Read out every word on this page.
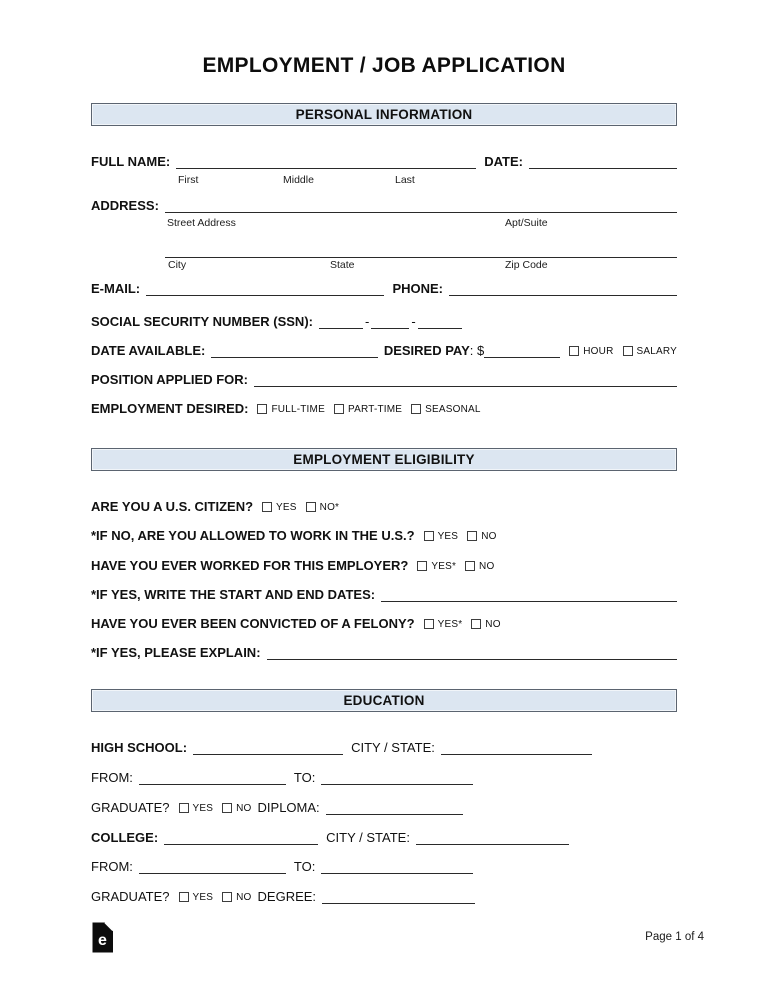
EMPLOYMENT / JOB APPLICATION
PERSONAL INFORMATION
FULL NAME:	DATE:
First	Middle	Last
ADDRESS:
Street Address	Apt/Suite
City	State	Zip Code
E-MAIL:	PHONE:
SOCIAL SECURITY NUMBER (SSN):	-	-
DATE AVAILABLE:	DESIRED PAY : $	HOUR SALARY
POSITION APPLIED FOR:
EMPLOYMENT DESIRED: FULL-TIME PART-TIME SEASONAL
EMPLOYMENT ELIGIBILITY
ARE YOU A U.S. CITIZEN? YES NO*
*IF NO, ARE YOU ALLOWED TO WORK IN THE U.S.? YES NO
HAVE YOU EVER WORKED FOR THIS EMPLOYER? YES* NO
*IF YES, WRITE THE START AND END DATES:
HAVE YOU EVER BEEN CONVICTED OF A FELONY? YES* NO
*IF YES, PLEASE EXPLAIN:
EDUCATION
HIGH SCHOOL:	CITY / STATE:
FROM:	TO:
GRADUATE? YES NO DIPLOMA:
COLLEGE:	CITY / STATE:
FROM:	TO:
GRADUATE? YES NO DEGREE:
e	Page 1 of 4
